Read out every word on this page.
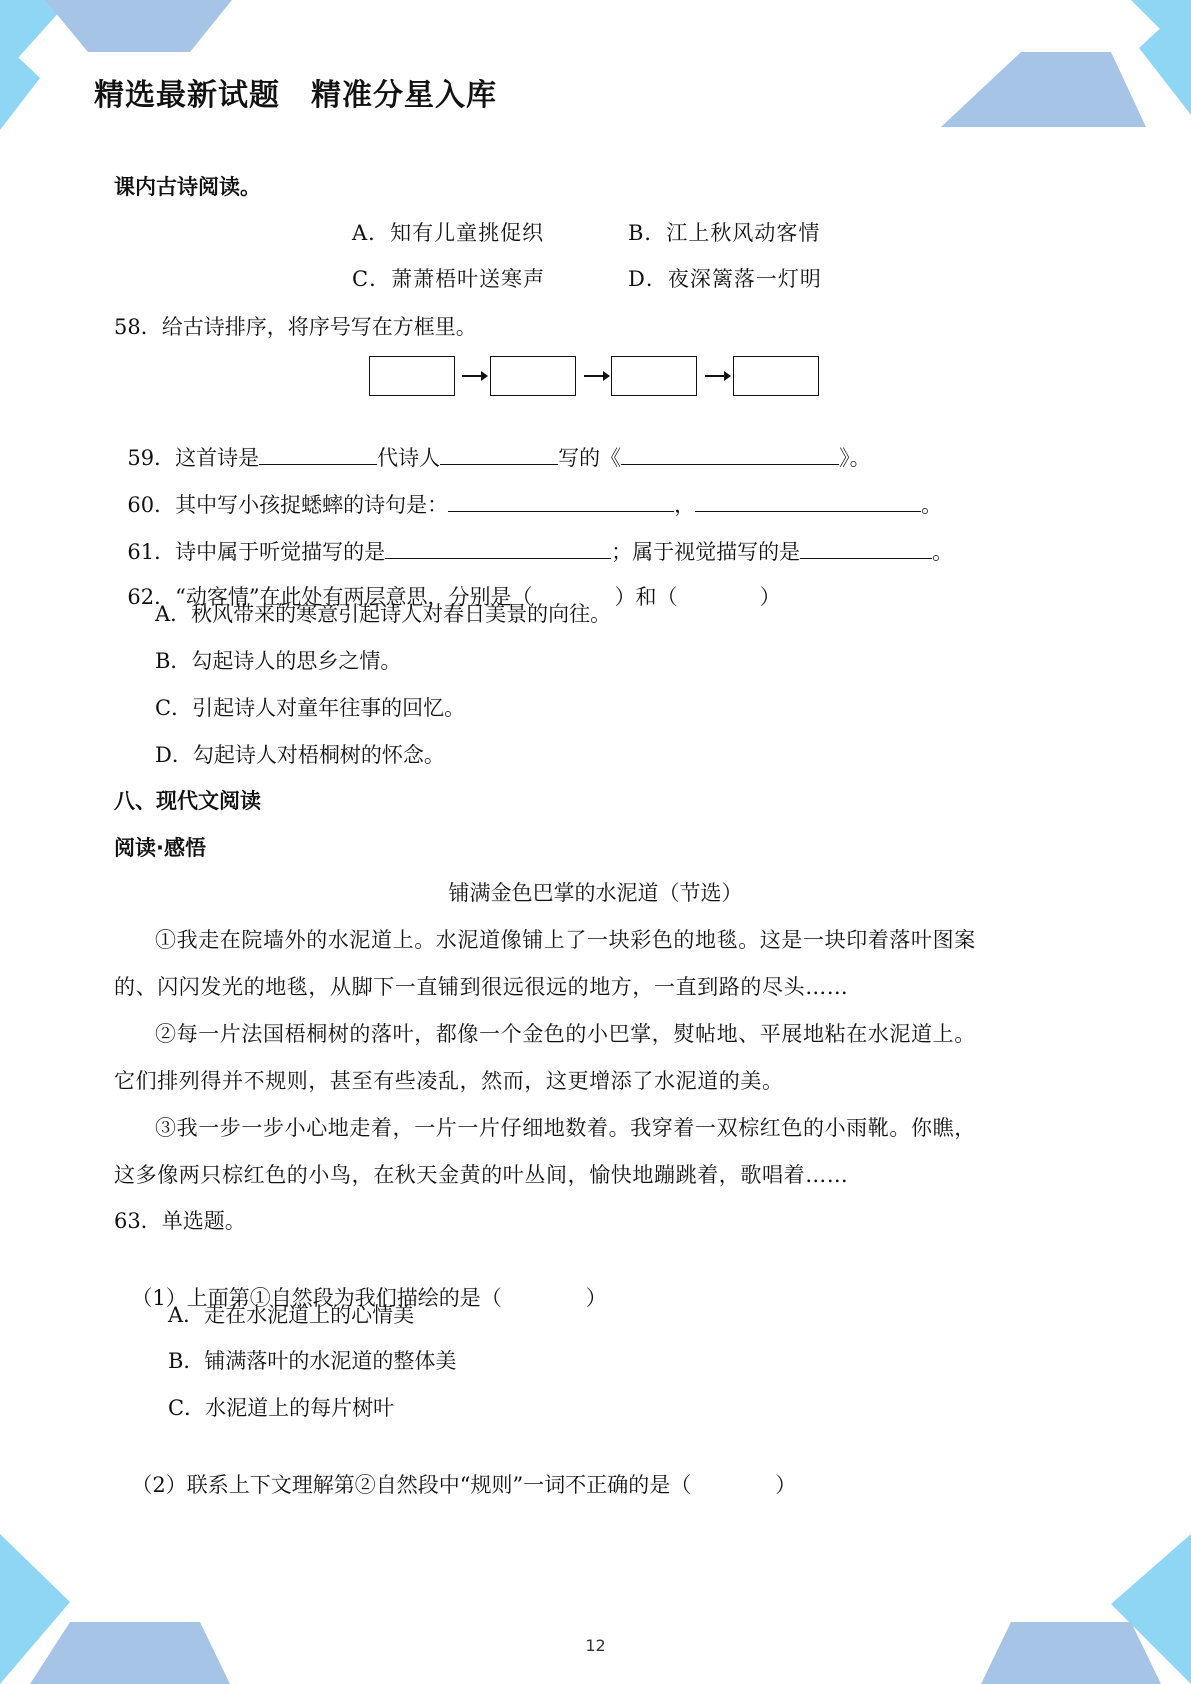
精选最新试题　精准分星入库
课内古诗阅读。
A．知有儿童挑促织	B．江上秋风动客情
C．萧萧梧叶送寒声	D．夜深篱落一灯明
58．给古诗排序，将序号写在方框里。

59．这首诗是	代诗人	写的《	》。

60．其中写小孩捉蟋蟀的诗句是：	，	。

61．诗中属于听觉描写的是	；属于视觉描写的是	。

62．“动客情”在此处有两层意思，分别是（	）和（	）

A．秋风带来的寒意引起诗人对春日美景的向往。
B．勾起诗人的思乡之情。
C．引起诗人对童年往事的回忆。
D．勾起诗人对梧桐树的怀念。
八、现代文阅读
阅读·感悟
铺满金色巴掌的水泥道（节选）
①我走在院墙外的水泥道上。水泥道像铺上了一块彩色的地毯。这是一块印着落叶图案
的、闪闪发光的地毯，从脚下一直铺到很远很远的地方，一直到路的尽头……
②每一片法国梧桐树的落叶，都像一个金色的小巴掌，熨帖地、平展地粘在水泥道上。
它们排列得并不规则，甚至有些凌乱，然而，这更增添了水泥道的美。
③我一步一步小心地走着，一片一片仔细地数着。我穿着一双棕红色的小雨靴。你瞧，
这多像两只棕红色的小鸟，在秋天金黄的叶丛间，愉快地蹦跳着，歌唱着……
63．单选题。

（1）上面第①自然段为我们描绘的是（	）

A．走在水泥道上的心情美
B．铺满落叶的水泥道的整体美
C．水泥道上的每片树叶

（2）联系上下文理解第②自然段中“规则”一词不正确的是（	）

12
